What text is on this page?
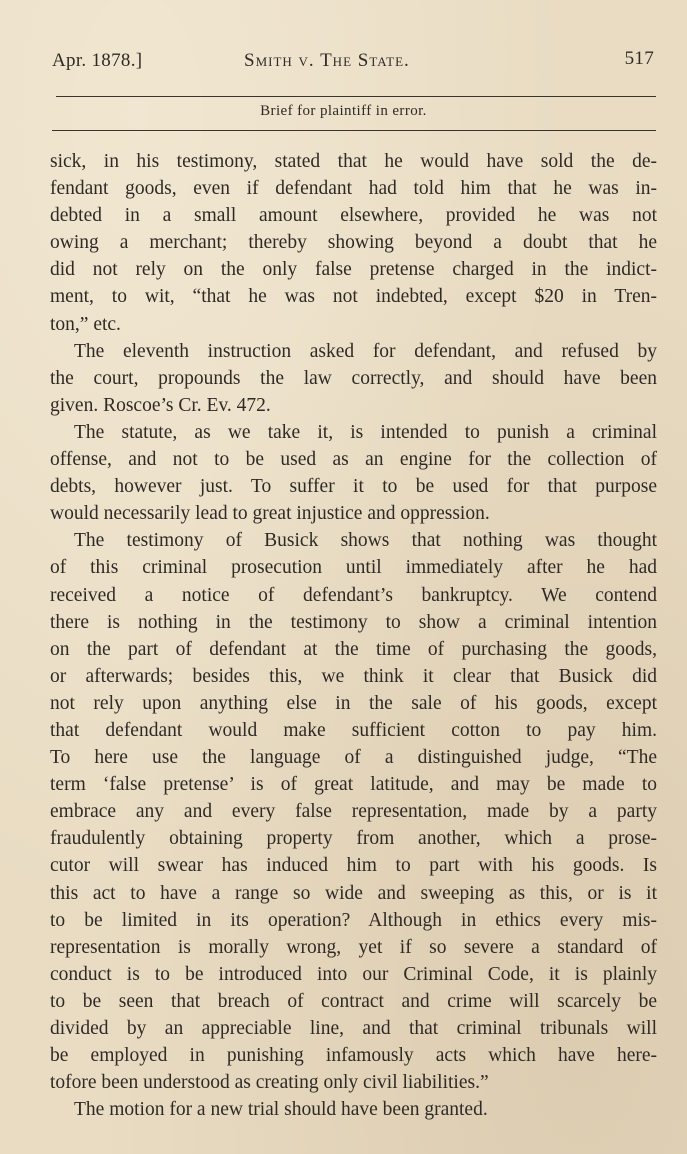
Apr. 1878.]	Smith v. The State.	517
Brief for plaintiff in error.
sick, in his testimony, stated that he would have sold the de-
fendant goods, even if defendant had told him that he was in-
debted in a small amount elsewhere, provided he was not
owing a merchant; thereby showing beyond a doubt that he
did not rely on the only false pretense charged in the indict-
ment, to wit, “that he was not indebted, except $20 in Tren-
ton,” etc.
The eleventh instruction asked for defendant, and refused by
the court, propounds the law correctly, and should have been
given. Roscoe’s Cr. Ev. 472.
The statute, as we take it, is intended to punish a criminal
offense, and not to be used as an engine for the collection of
debts, however just. To suffer it to be used for that purpose
would necessarily lead to great injustice and oppression.
The testimony of Busick shows that nothing was thought
of this criminal prosecution until immediately after he had
received a notice of defendant’s bankruptcy. We contend
there is nothing in the testimony to show a criminal intention
on the part of defendant at the time of purchasing the goods,
or afterwards; besides this, we think it clear that Busick did
not rely upon anything else in the sale of his goods, except
that defendant would make sufficient cotton to pay him.
To here use the language of a distinguished judge, “The
term ‘false pretense’ is of great latitude, and may be made to
embrace any and every false representation, made by a party
fraudulently obtaining property from another, which a prose-
cutor will swear has induced him to part with his goods. Is
this act to have a range so wide and sweeping as this, or is it
to be limited in its operation? Although in ethics every mis-
representation is morally wrong, yet if so severe a standard of
conduct is to be introduced into our Criminal Code, it is plainly
to be seen that breach of contract and crime will scarcely be
divided by an appreciable line, and that criminal tribunals will
be employed in punishing infamously acts which have here-
tofore been understood as creating only civil liabilities.”
The motion for a new trial should have been granted.
